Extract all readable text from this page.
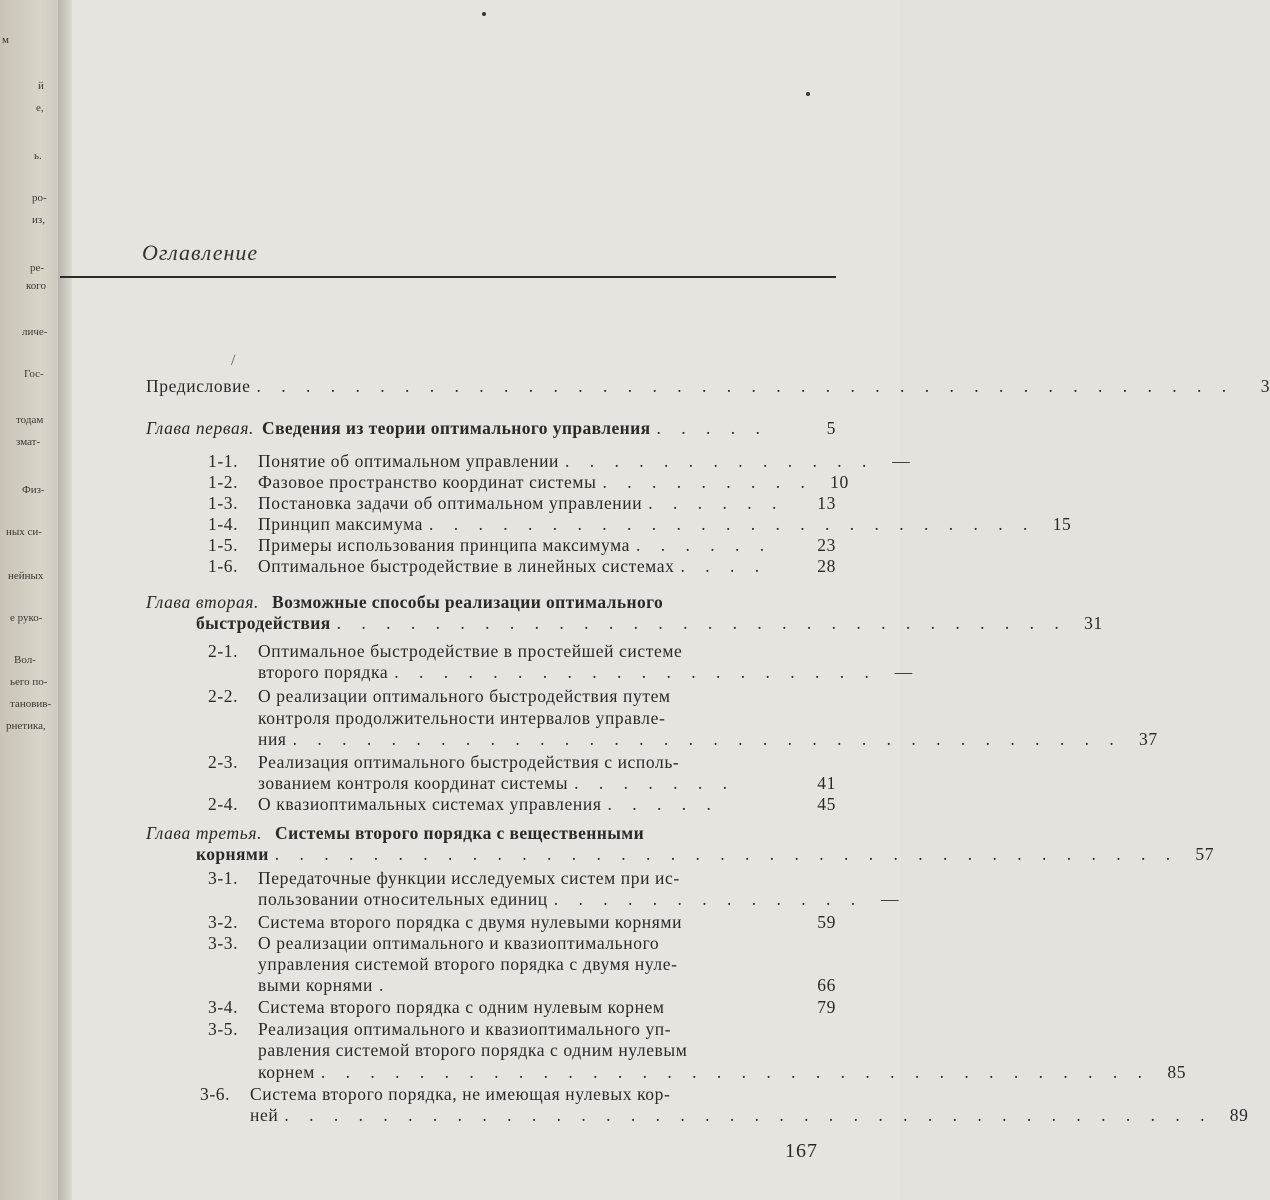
м
й
е,
ь.
ро-
из,
ре-
кого
личе-
Гос-
тодам
змат-
Физ-
ных си-
нейных
е руко-
Вол-
ьего по-
тановив-
рнетика,
Оглавление
/
Предисловие . . . . . . . . . . . . . . . . . . . . . . . . . . . . . . . . . . . . . . . .	3
Глава первая. Сведения из теории оптимального управления . . . . .	5
1-1.	Понятие об оптимальном управлении . . . . . . . . . . . . .	—
1-2.	Фазовое пространство координат системы . . . . . . . . . 10
1-3.	Постановка задачи об оптимальном управлении . . . . . .	13
1-4.	Принцип максимума . . . . . . . . . . . . . . . . . . . . . . . . . 15
1-5.	Примеры использования принципа максимума . . . . . .	23
1-6.	Оптимальное быстродействие в линейных системах . . . .	28
Глава вторая. Возможные способы реализации оптимального
быстродействия . . . . . . . . . . . . . . . . . . . . . . . . . . . . . . 31
2-1. Оптимальное быстродействие в простейшей системе
второго порядка . . . . . . . . . . . . . . . . . . . .	—
2-2. О реализации оптимального быстродействия путем
контроля продолжительности интервалов управле-
ния . . . . . . . . . . . . . . . . . . . . . . . . . . . . . . . . . . 37
2-3. Реализация оптимального быстродействия с исполь-
зованием контроля координат системы . . . . . . .	41
2-4.	О квазиоптимальных системах управления . . . . .	45
Глава третья. Системы второго порядка с вещественными
корнями . . . . . . . . . . . . . . . . . . . . . . . . . . . . . . . . . . . . . 57
3-1. Передаточные функции исследуемых систем при ис-
пользовании относительных единиц . . . . . . . . . . . . .	—
3-2.	Система второго порядка с двумя нулевыми корнями	59
3-3. О реализации оптимального и квазиоптимального
управления системой второго порядка с двумя нуле-
выми корнями .	66
3-4.	Система второго порядка с одним нулевым корнем	79
3-5. Реализация оптимального и квазиоптимального уп-
равления системой второго порядка с одним нулевым
корнем . . . . . . . . . . . . . . . . . . . . . . . . . . . . . . . . . . 85
3-6. Система второго порядка, не имеющая нулевых кор-
ней . . . . . . . . . . . . . . . . . . . . . . . . . . . . . . . . . . . . . . 89
167
